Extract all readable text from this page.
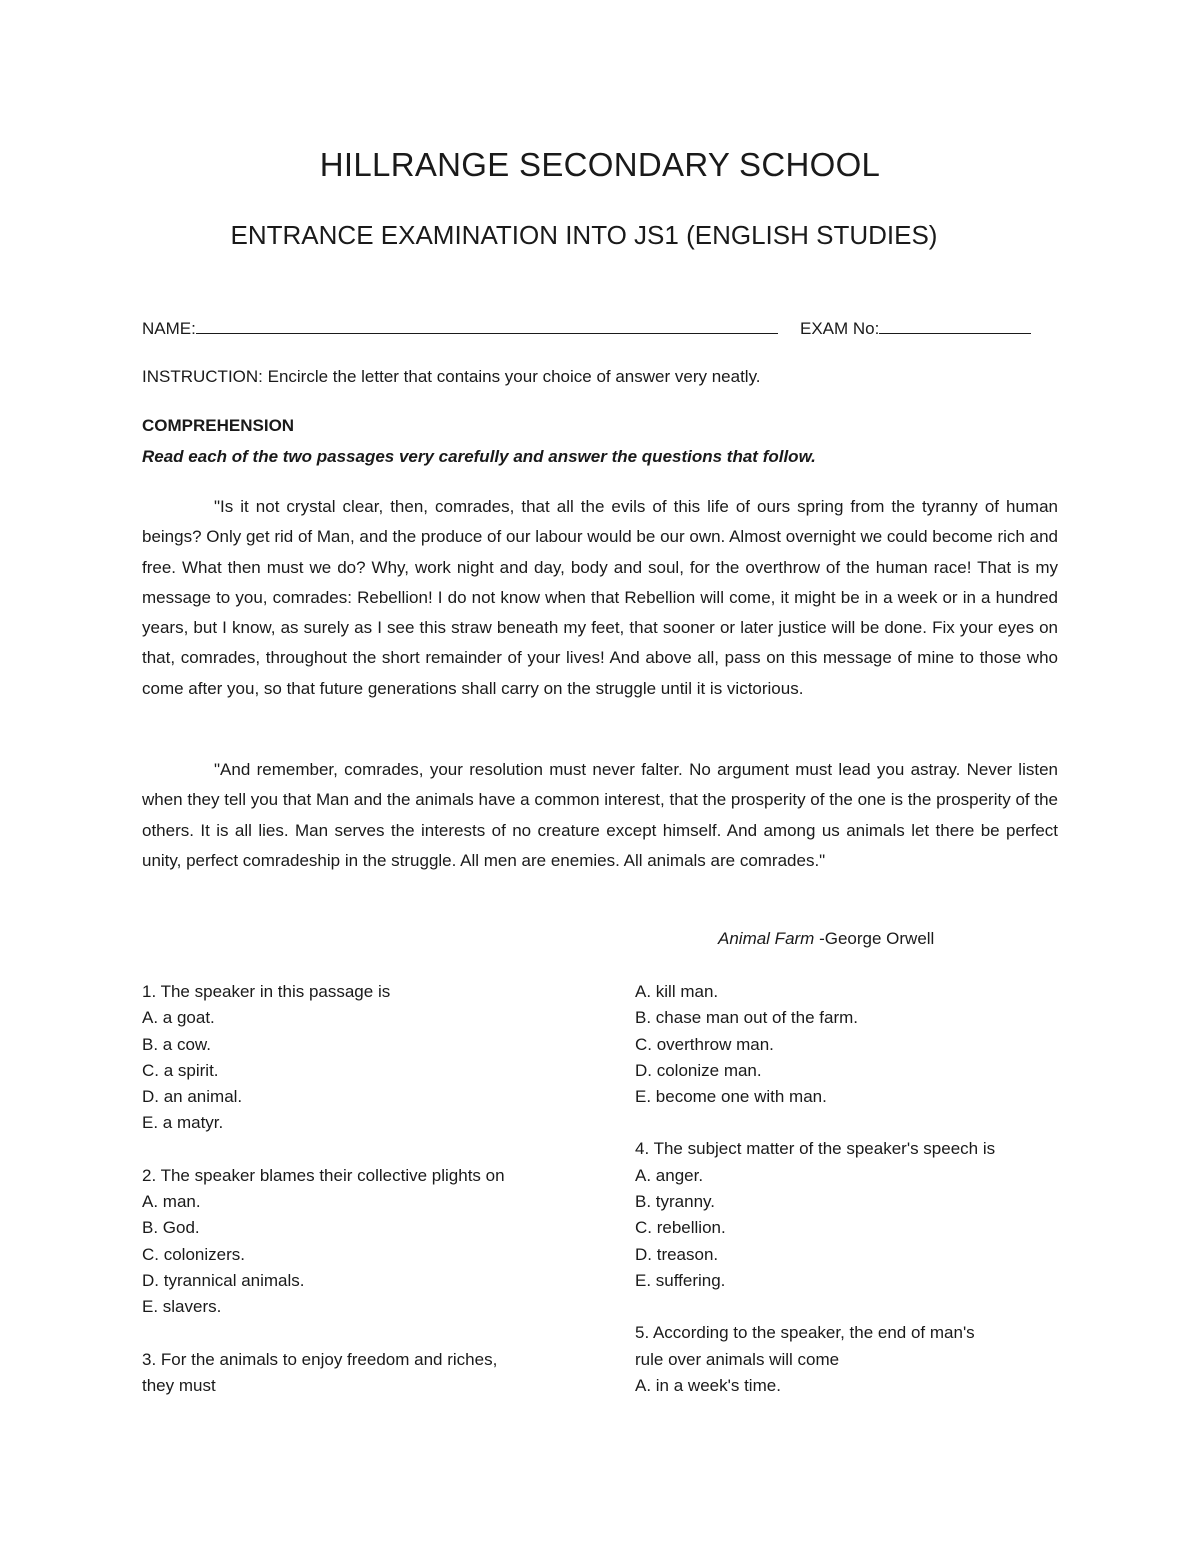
HILLRANGE SECONDARY SCHOOL
ENTRANCE EXAMINATION INTO JS1 (ENGLISH STUDIES)
NAME:	EXAM No:
INSTRUCTION: Encircle the letter that contains your choice of answer very neatly.
COMPREHENSION
Read each of the two passages very carefully and answer the questions that follow.

"Is it not crystal clear, then, comrades, that all the evils of this life of ours spring from the tyranny of human beings? Only get rid of Man, and the produce of our labour would be our own. Almost overnight we could become rich and free. What then must we do? Why, work night and day, body and soul, for the overthrow of the human race! That is my message to you, comrades: Rebellion! I do not know when that Rebellion will come, it might be in a week or in a hundred years, but I know, as surely as I see this straw beneath my feet, that sooner or later justice will be done. Fix your eyes on that, comrades, throughout the short remainder of your lives! And above all, pass on this message of mine to those who come after you, so that future generations shall carry on the struggle until it is victorious.

"And remember, comrades, your resolution must never falter. No argument must lead you astray. Never listen when they tell you that Man and the animals have a common interest, that the prosperity of the one is the prosperity of the others. It is all lies. Man serves the interests of no creature except himself. And among us animals let there be perfect unity, perfect comradeship in the struggle. All men are enemies. All animals are comrades."

Animal Farm -George Orwell
1. The speaker in this passage is
A. a goat.
B. a cow.
C. a spirit.
D. an animal.
E. a matyr.
2. The speaker blames their collective plights on
A. man.
B. God.
C. colonizers.
D. tyrannical animals.
E. slavers.
3. For the animals to enjoy freedom and riches,
they must
A. kill man.
B. chase man out of the farm.
C. overthrow man.
D. colonize man.
E. become one with man.
4. The subject matter of the speaker's speech is
A. anger.
B. tyranny.
C. rebellion.
D. treason.
E. suffering.
5. According to the speaker, the end of man's
rule over animals will come
A. in a week's time.
